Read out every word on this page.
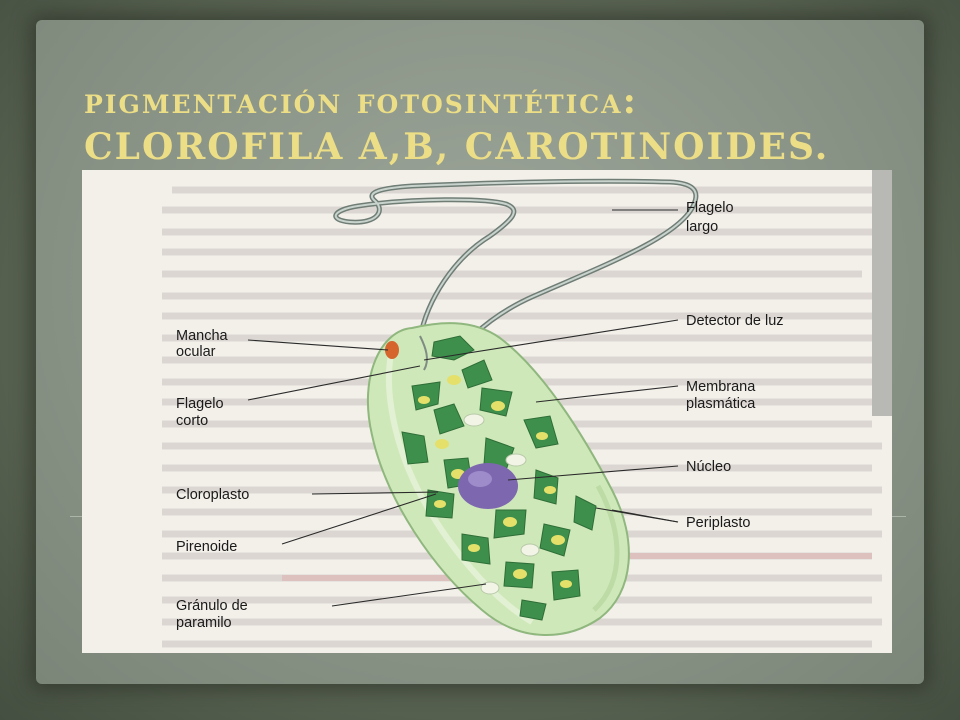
pigmentación fotosintética:
CLOROFILA A,B, CAROTINOIDES.
Flagelo largo
Detector de luz
Membrana plasmática
Núcleo
Periplasto
Mancha ocular
Flagelo corto
Cloroplasto
Pirenoide
Gránulo de paramilo
